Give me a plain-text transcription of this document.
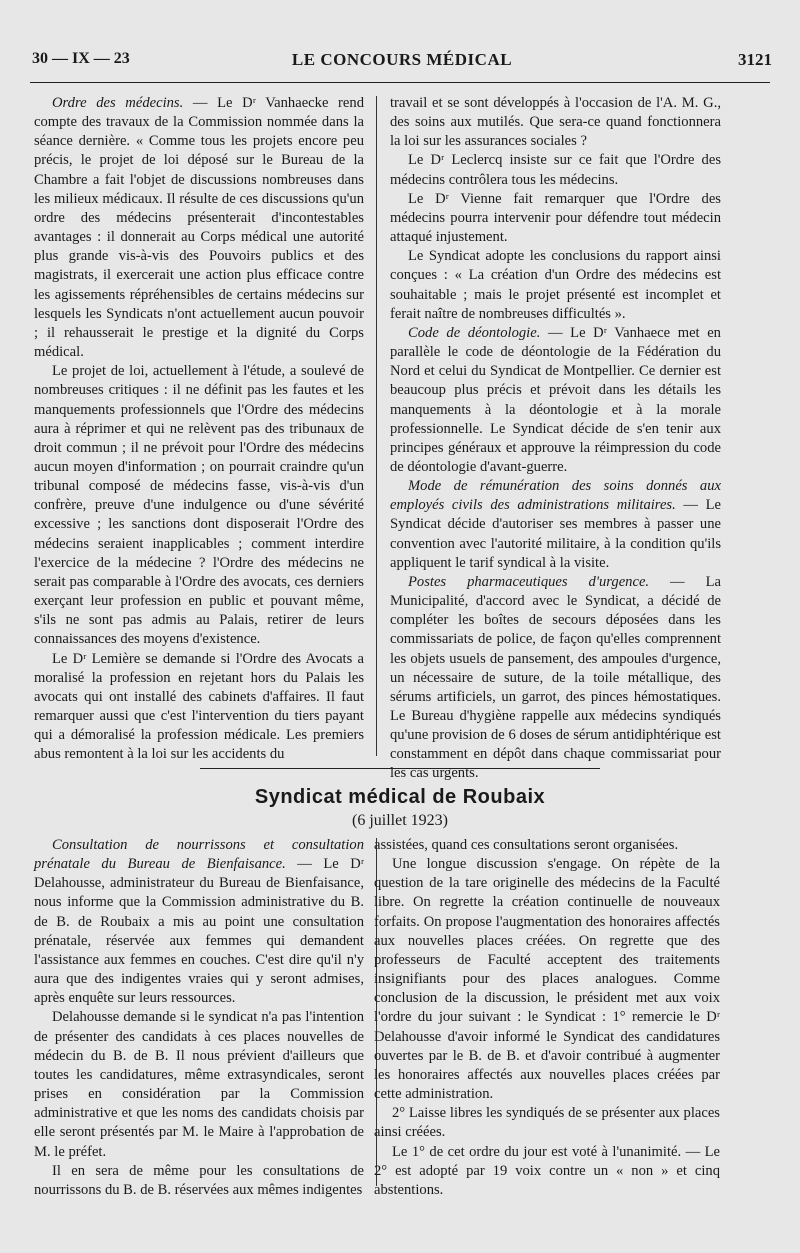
30 — IX — 23	LE CONCOURS MÉDICAL	3121

Ordre des médecins. — Le Dʳ Vanhaecke rend compte des travaux de la Commission nommée dans la séance dernière. « Comme tous les projets encore peu précis, le projet de loi déposé sur le Bureau de la Chambre a fait l'objet de discussions nombreuses dans les milieux médicaux. Il résulte de ces discussions qu'un ordre des médecins présenterait d'incontestables avantages : il donnerait au Corps médical une autorité plus grande vis-à-vis des Pouvoirs publics et des magistrats, il exercerait une action plus efficace contre les agissements répréhensibles de certains médecins sur lesquels les Syndicats n'ont actuellement aucun pouvoir ; il rehausserait le prestige et la dignité du Corps médical.

Le projet de loi, actuellement à l'étude, a soulevé de nombreuses critiques : il ne définit pas les fautes et les manquements professionnels que l'Ordre des médecins aura à réprimer et qui ne relèvent pas des tribunaux de droit commun ; il ne prévoit pour l'Ordre des médecins aucun moyen d'information ; on pourrait craindre qu'un tribunal composé de médecins fasse, vis-à-vis d'un confrère, preuve d'une indulgence ou d'une sévérité excessive ; les sanctions dont disposerait l'Ordre des médecins seraient inapplicables ; comment interdire l'exercice de la médecine ? l'Ordre des médecins ne serait pas comparable à l'Ordre des avocats, ces derniers exerçant leur profession en public et pouvant même, s'ils ne sont pas admis au Palais, retirer de leurs connaissances des moyens d'existence.

Le Dʳ Lemière se demande si l'Ordre des Avocats a moralisé la profession en rejetant hors du Palais les avocats qui ont installé des cabinets d'affaires. Il faut remarquer aussi que c'est l'intervention du tiers payant qui a démoralisé la profession médicale. Les premiers abus remontent à la loi sur les accidents du

travail et se sont développés à l'occasion de l'A. M. G., des soins aux mutilés. Que sera-ce quand fonctionnera la loi sur les assurances sociales ?

Le Dʳ Leclercq insiste sur ce fait que l'Ordre des médecins contrôlera tous les médecins.

Le Dʳ Vienne fait remarquer que l'Ordre des médecins pourra intervenir pour défendre tout médecin attaqué injustement.

Le Syndicat adopte les conclusions du rapport ainsi conçues : « La création d'un Ordre des médecins est souhaitable ; mais le projet présenté est incomplet et ferait naître de nombreuses difficultés ».

Code de déontologie. — Le Dʳ Vanhaece met en parallèle le code de déontologie de la Fédération du Nord et celui du Syndicat de Montpellier. Ce dernier est beaucoup plus précis et prévoit dans les détails les manquements à la déontologie et à la morale professionnelle. Le Syndicat décide de s'en tenir aux principes généraux et approuve la réimpression du code de déontologie d'avant-guerre.

Mode de rémunération des soins donnés aux employés civils des administrations militaires. — Le Syndicat décide d'autoriser ses membres à passer une convention avec l'autorité militaire, à la condition qu'ils appliquent le tarif syndical à la visite.

Postes pharmaceutiques d'urgence. — La Municipalité, d'accord avec le Syndicat, a décidé de compléter les boîtes de secours déposées dans les commissariats de police, de façon qu'elles comprennent les objets usuels de pansement, des ampoules d'urgence, un nécessaire de suture, de la toile métallique, des sérums artificiels, un garrot, des pinces hémostatiques. Le Bureau d'hygiène rappelle aux médecins syndiqués qu'une provision de 6 doses de sérum antidiphtérique est constamment en dépôt dans chaque commissariat pour les cas urgents.

Syndicat médical de Roubaix
(6 juillet 1923)

Consultation de nourrissons et consultation prénatale du Bureau de Bienfaisance. — Le Dʳ Delahousse, administrateur du Bureau de Bienfaisance, nous informe que la Commission administrative du B. de B. de Roubaix a mis au point une consultation prénatale, réservée aux femmes qui demandent l'assistance aux femmes en couches. C'est dire qu'il n'y aura que des indigentes vraies qui y seront admises, après enquête sur leurs ressources.

Delahousse demande si le syndicat n'a pas l'intention de présenter des candidats à ces places nouvelles de médecin du B. de B. Il nous prévient d'ailleurs que toutes les candidatures, même extrasyndicales, seront prises en considération par la Commission administrative et que les noms des candidats choisis par elle seront présentés par M. le Maire à l'approbation de M. le préfet.

Il en sera de même pour les consultations de nourrissons du B. de B. réservées aux mêmes indigentes

assistées, quand ces consultations seront organisées.

Une longue discussion s'engage. On répète de la question de la tare originelle des médecins de la Faculté libre. On regrette la création continuelle de nouveaux forfaits. On propose l'augmentation des honoraires affectés aux nouvelles places créées. On regrette que des professeurs de Faculté acceptent des traitements insignifiants pour des places analogues. Comme conclusion de la discussion, le président met aux voix l'ordre du jour suivant : le Syndicat : 1° remercie le Dʳ Delahousse d'avoir informé le Syndicat des candidatures ouvertes par le B. de B. et d'avoir contribué à augmenter les honoraires affectés aux nouvelles places créées par cette administration.

2° Laisse libres les syndiqués de se présenter aux places ainsi créées.

Le 1° de cet ordre du jour est voté à l'unanimité. — Le 2° est adopté par 19 voix contre un « non » et cinq abstentions.
